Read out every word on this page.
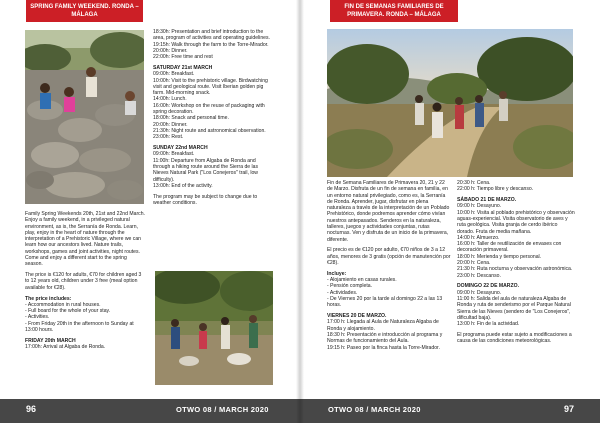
SPRING FAMILY WEEKEND. RONDA – MÁLAGA

Family Spring Weekends 20th, 21st and 22nd March. Enjoy a family weekend, in a privileged natural environment, as is, the Serranía de Ronda. Learn, play, enjoy in the heart of nature through the interpretation of a Prehistoric Village, where we can learn how our ancestors lived. Nature trails, workshops, games and joint activities, night routes. Come and enjoy a different start to the spring season.

The price is €120 for adults, €70 for children aged 3 to 12 years old, children under 3 free (meal option available for €28).

The price includes:

- Accommodation in rural houses.
- Full board for the whole of your stay.
- Activities.
- From Friday 20th in the afternoon to Sunday at 13:00 hours.

FRIDAY 20th MARCH

17:00h: Arrival at Algaba de Ronda.

18:30h: Presentation and brief introduction to the area, program of activities and operating guidelines.

19:15h: Walk through the farm to the Torre-Mirador.

20:00h: Dinner.

22:00h: Free time and rest

SATURDAY 21st MARCH

09:00h: Breakfast.

10:00h: Visit to the prehistoric village. Birdwatching visit and geological route. Visit Iberian golden pig farm. Mid-morning snack.

14:00h: Lunch.

16:00h: Workshop on the reuse of packaging with spring decoration.

18:00h: Snack and personal time.

20:00h: Dinner.

21:30h: Night route and astronomical observation.

23:00h: Rest.

SUNDAY 22nd MARCH

09:00h: Breakfast.

11:00h: Departure from Algaba de Ronda and through a hiking route around the Sierra de las Nieves Natural Park ("Los Conejeros" trail, low difficulty).

13:00h: End of the activity.

The program may be subject to change due to weather conditions.

96	OTWO 08 / MARCH 2020
FIN DE SEMANAS FAMILIARES DE PRIMAVERA. RONDA – MÁLAGA

Fin de Semana Familiares de Primavera 20, 21 y 22 de Marzo. Disfruta de un fin de semana en familia, en un entorno natural privilegiado, como es, la Serranía de Ronda. Aprender, jugar, disfrutar en plena naturaleza a través de la interpretación de un Poblado Prehistórico, donde podremos aprender cómo vivían nuestros antepasados. Senderos en la naturaleza, talleres, juegos y actividades conjuntas, rutas nocturnas. Ven y disfruta de un inicio de la primavera, diferente.

El precio es de €120 por adulto, €70 niños de 3 a 12 años, menores de 3 gratis (opción de manutención por €28).

Incluye:

- Alojamiento en casas rurales.
- Pensión completa.
- Actividades.
- De Viernes 20 por la tarde al domingo 22 a las 13 horas.

VIERNES 20 DE MARZO.

17:00 h: Llegada al Aula de Naturaleza Algaba de Ronda y alojamiento.

18:30 h: Presentación e introducción al programa y Normas de funcionamiento del Aula.

19:15 h: Paseo por la finca hasta la Torre-Mirador.

20:30 h: Cena.

22:00 h: Tiempo libre y descanso.

SÁBADO 21 DE MARZO.

09:00 h: Desayuno.

10:00 h: Visita al poblado prehistórico y observación aguas-experiencial. Visita observatorio de aves y ruta geológica. Visita granja de cerdo ibérico dorado. Fruta de media mañana.

14:00 h: Almuerzo.

16:00 h: Taller de reutilización de envases con decoración primaveral.

18:00 h: Merienda y tiempo personal.

20:00 h: Cena.

21:30 h: Ruta nocturna y observación astronómica.

23:00 h: Descanso.

DOMINGO 22 DE MARZO.

09:00 h: Desayuno.

11:00 h: Salida del aula de naturaleza Algaba de Ronda y ruta de senderismo por el Parque Natural Sierra de las Nieves (sendero de "Los Conejeros", dificultad baja).

13:00 h: Fin de la actividad.

El programa puede estar sujeto a modificaciones a causa de las condiciones meteorológicas.

OTWO 08 / MARCH 2020	97
